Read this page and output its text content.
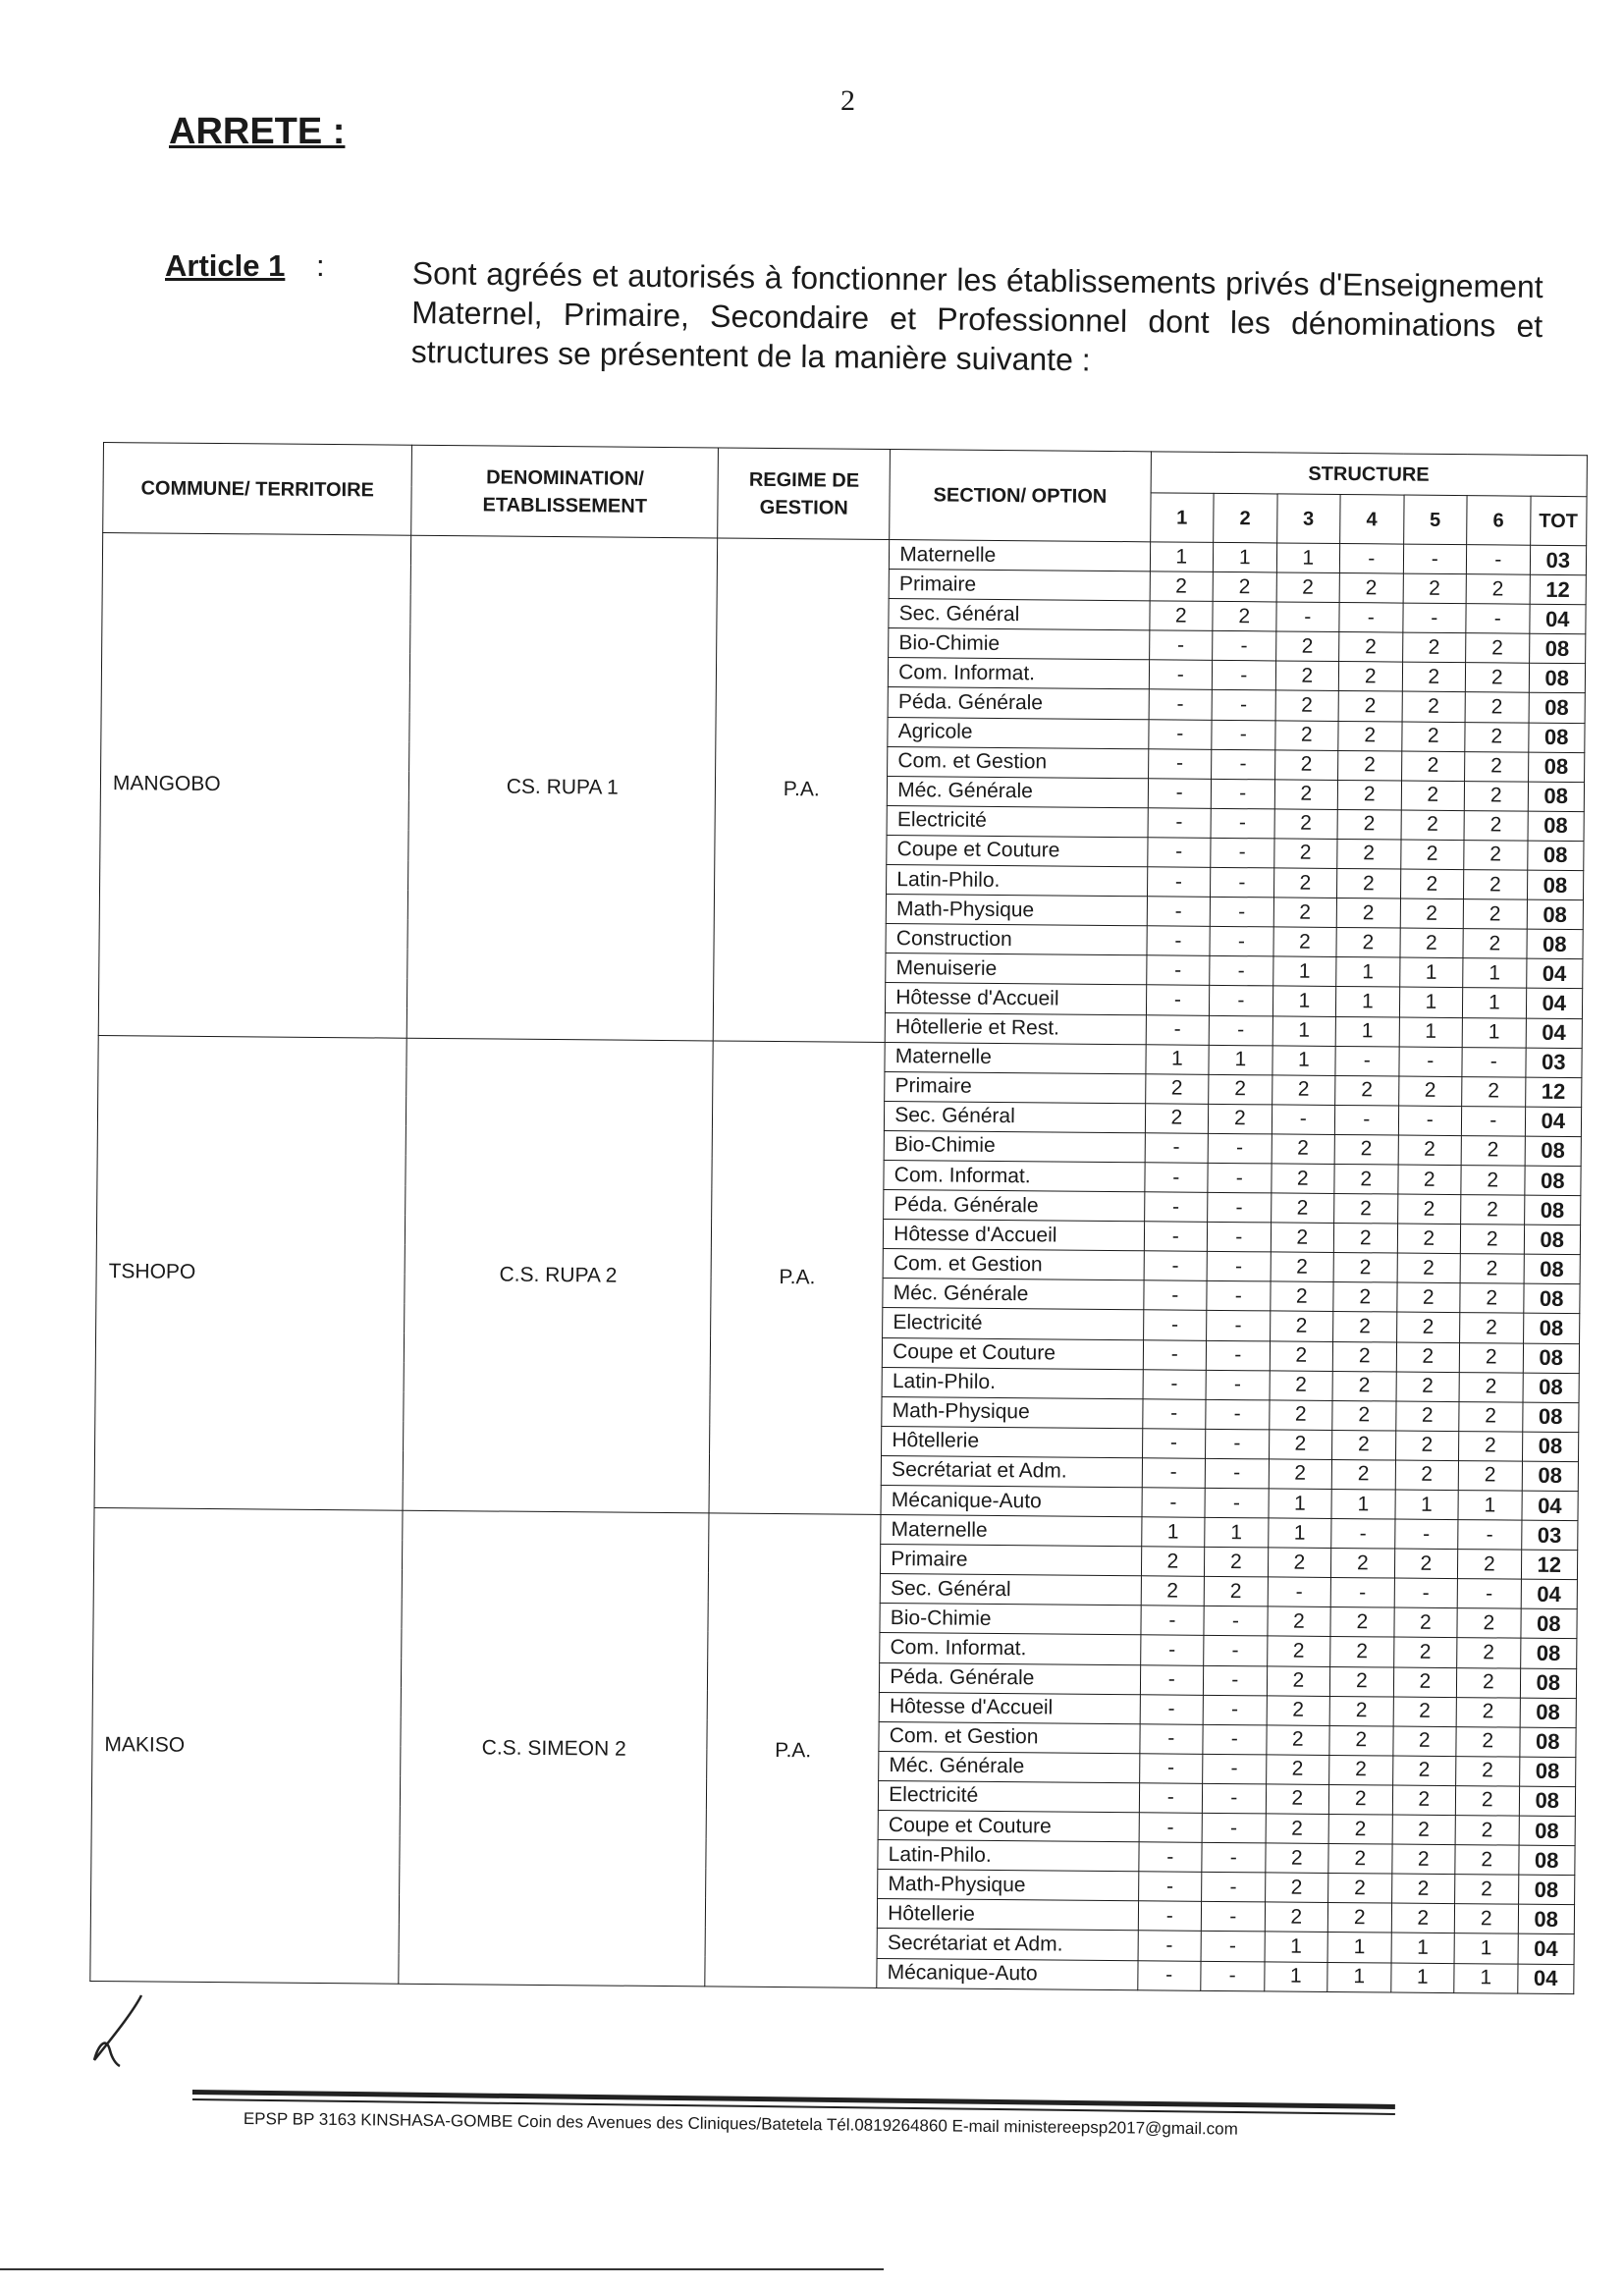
2
ARRETE :
Article 1 :	Sont agréés et autorisés à fonctionner les établissements privés d'Enseignement Maternel, Primaire, Secondaire et Professionnel dont les dénominations et structures se présentent de la manière suivante :
COMMUNE/ TERRITOIRE	DENOMINATION/ ETABLISSEMENT	REGIME DE GESTION	SECTION/ OPTION	STRUCTURE						
				1	2	3	4	5	6	TOT
MANGOBO	CS. RUPA 1	P.A.	Maternelle	1	1	1	-	-	-	03
			Primaire	2	2	2	2	2	2	12
			Sec. Général	2	2	-	-	-	-	04
			Bio-Chimie	-	-	2	2	2	2	08
			Com. Informat.	-	-	2	2	2	2	08
			Péda. Générale	-	-	2	2	2	2	08
			Agricole	-	-	2	2	2	2	08
			Com. et Gestion	-	-	2	2	2	2	08
			Méc. Générale	-	-	2	2	2	2	08
			Electricité	-	-	2	2	2	2	08
			Coupe et Couture	-	-	2	2	2	2	08
			Latin-Philo.	-	-	2	2	2	2	08
			Math-Physique	-	-	2	2	2	2	08
			Construction	-	-	2	2	2	2	08
			Menuiserie	-	-	1	1	1	1	04
			Hôtesse d'Accueil	-	-	1	1	1	1	04
			Hôtellerie et Rest.	-	-	1	1	1	1	04
TSHOPO	C.S. RUPA 2	P.A.	Maternelle	1	1	1	-	-	-	03
			Primaire	2	2	2	2	2	2	12
			Sec. Général	2	2	-	-	-	-	04
			Bio-Chimie	-	-	2	2	2	2	08
			Com. Informat.	-	-	2	2	2	2	08
			Péda. Générale	-	-	2	2	2	2	08
			Hôtesse d'Accueil	-	-	2	2	2	2	08
			Com. et Gestion	-	-	2	2	2	2	08
			Méc. Générale	-	-	2	2	2	2	08
			Electricité	-	-	2	2	2	2	08
			Coupe et Couture	-	-	2	2	2	2	08
			Latin-Philo.	-	-	2	2	2	2	08
			Math-Physique	-	-	2	2	2	2	08
			Hôtellerie	-	-	2	2	2	2	08
			Secrétariat et Adm.	-	-	2	2	2	2	08
			Mécanique-Auto	-	-	1	1	1	1	04
MAKISO	C.S. SIMEON 2	P.A.	Maternelle	1	1	1	-	-	-	03
			Primaire	2	2	2	2	2	2	12
			Sec. Général	2	2	-	-	-	-	04
			Bio-Chimie	-	-	2	2	2	2	08
			Com. Informat.	-	-	2	2	2	2	08
			Péda. Générale	-	-	2	2	2	2	08
			Hôtesse d'Accueil	-	-	2	2	2	2	08
			Com. et Gestion	-	-	2	2	2	2	08
			Méc. Générale	-	-	2	2	2	2	08
			Electricité	-	-	2	2	2	2	08
			Coupe et Couture	-	-	2	2	2	2	08
			Latin-Philo.	-	-	2	2	2	2	08
			Math-Physique	-	-	2	2	2	2	08
			Hôtellerie	-	-	2	2	2	2	08
			Secrétariat et Adm.	-	-	1	1	1	1	04
			Mécanique-Auto	-	-	1	1	1	1	04
EPSP BP 3163 KINSHASA-GOMBE Coin des Avenues des Cliniques/Batetela Tél.0819264860 E-mail ministereepsp2017@gmail.com
